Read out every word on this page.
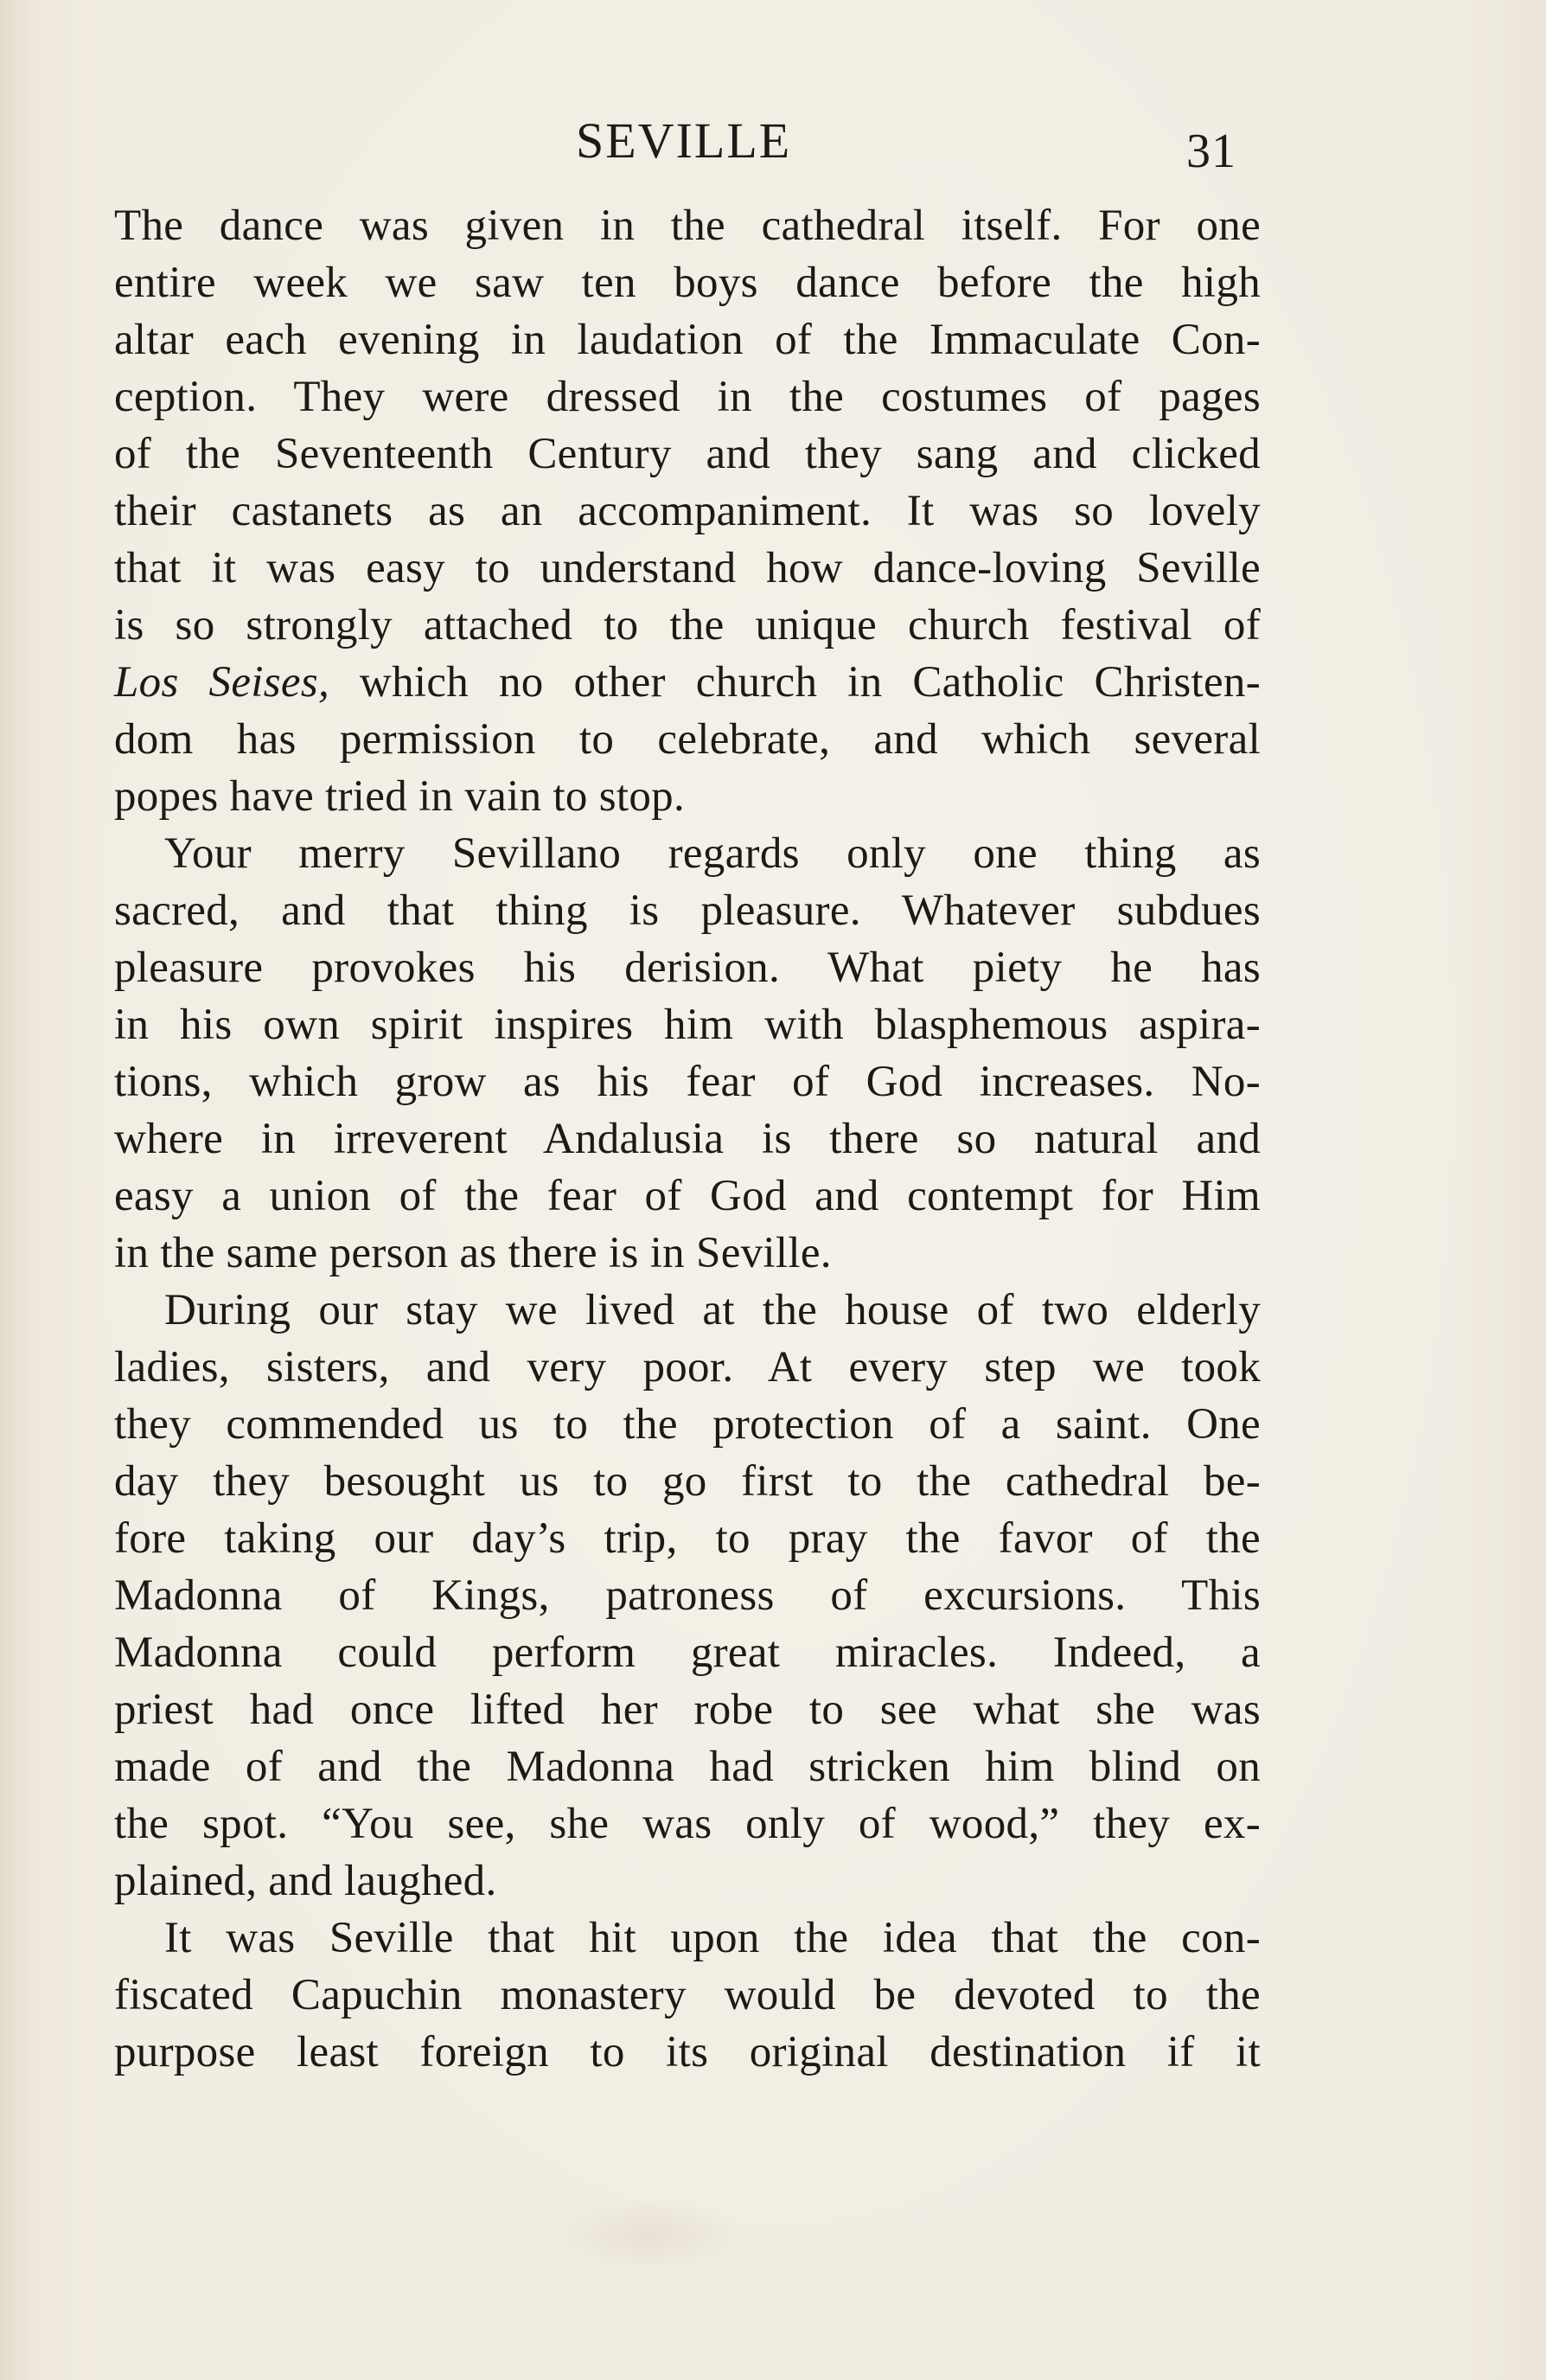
SEVILLE	31
The dance was given in the cathedral itself. For one
entire week we saw ten boys dance before the high
altar each evening in laudation of the Immaculate Con-
ception. They were dressed in the costumes of pages
of the Seventeenth Century and they sang and clicked
their castanets as an accompaniment. It was so lovely
that it was easy to understand how dance-loving Seville
is so strongly attached to the unique church festival of
Los Seises, which no other church in Catholic Christen-
dom has permission to celebrate, and which several
popes have tried in vain to stop.
Your merry Sevillano regards only one thing as
sacred, and that thing is pleasure. Whatever subdues
pleasure provokes his derision. What piety he has
in his own spirit inspires him with blasphemous aspira-
tions, which grow as his fear of God increases. No-
where in irreverent Andalusia is there so natural and
easy a union of the fear of God and contempt for Him
in the same person as there is in Seville.
During our stay we lived at the house of two elderly
ladies, sisters, and very poor. At every step we took
they commended us to the protection of a saint. One
day they besought us to go first to the cathedral be-
fore taking our day’s trip, to pray the favor of the
Madonna of Kings, patroness of excursions. This
Madonna could perform great miracles. Indeed, a
priest had once lifted her robe to see what she was
made of and the Madonna had stricken him blind on
the spot. “You see, she was only of wood,” they ex-
plained, and laughed.
It was Seville that hit upon the idea that the con-
fiscated Capuchin monastery would be devoted to the
purpose least foreign to its original destination if it
